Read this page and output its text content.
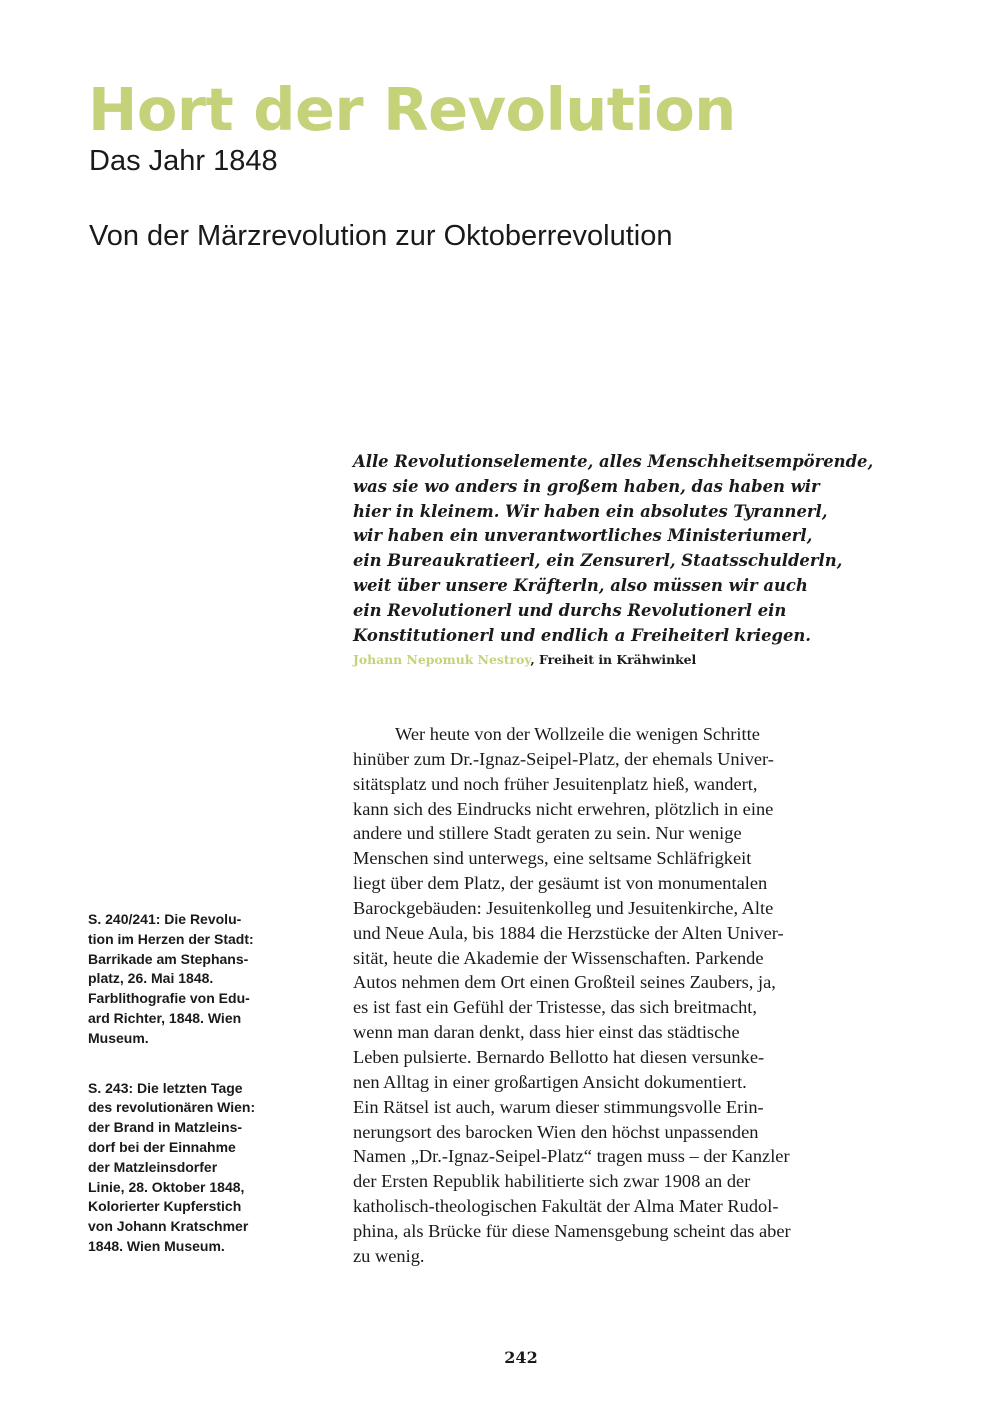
Hort der Revolution
Das Jahr 1848
Von der Märzrevolution zur Oktoberrevolution
Alle Revolutionselemente, alles Menschheitsempörende,
was sie wo anders in großem haben, das haben wir
hier in kleinem. Wir haben ein absolutes Tyrannerl,
wir haben ein unverantwortliches Ministeriumerl,
ein Bureaukratieerl, ein Zensurerl, Staatsschulderln,
weit über unsere Kräfterln, also müssen wir auch
ein Revolutionerl und durchs Revolutionerl ein
Konstitutionerl und endlich a Freiheiterl kriegen.
Johann Nepomuk Nestroy, Freiheit in Krähwinkel
S. 240/241: Die Revolu-
tion im Herzen der Stadt:
Barrikade am Stephans-
platz, 26. Mai 1848.
Farblithografie von Edu-
ard Richter, 1848. Wien
Museum.
S. 243: Die letzten Tage
des revolutionären Wien:
der Brand in Matzleins-
dorf bei der Einnahme
der Matzleinsdorfer
Linie, 28. Oktober 1848,
Kolorierter Kupferstich
von Johann Kratschmer
1848. Wien Museum.
Wer heute von der Wollzeile die wenigen Schritte
hinüber zum Dr.-Ignaz-Seipel-Platz, der ehemals Univer-
sitätsplatz und noch früher Jesuitenplatz hieß, wandert,
kann sich des Eindrucks nicht erwehren, plötzlich in eine
andere und stillere Stadt geraten zu sein. Nur wenige
Menschen sind unterwegs, eine seltsame Schläfrigkeit
liegt über dem Platz, der gesäumt ist von monumentalen
Barockgebäuden: Jesuitenkolleg und Jesuitenkirche, Alte
und Neue Aula, bis 1884 die Herzstücke der Alten Univer-
sität, heute die Akademie der Wissenschaften. Parkende
Autos nehmen dem Ort einen Großteil seines Zaubers, ja,
es ist fast ein Gefühl der Tristesse, das sich breitmacht,
wenn man daran denkt, dass hier einst das städtische
Leben pulsierte. Bernardo Bellotto hat diesen versunke-
nen Alltag in einer großartigen Ansicht dokumentiert.
Ein Rätsel ist auch, warum dieser stimmungsvolle Erin-
nerungsort des barocken Wien den höchst unpassenden
Namen „Dr.-Ignaz-Seipel-Platz“ tragen muss – der Kanzler
der Ersten Republik habilitierte sich zwar 1908 an der
katholisch-theologischen Fakultät der Alma Mater Rudol-
phina, als Brücke für diese Namensgebung scheint das aber
zu wenig.
242
